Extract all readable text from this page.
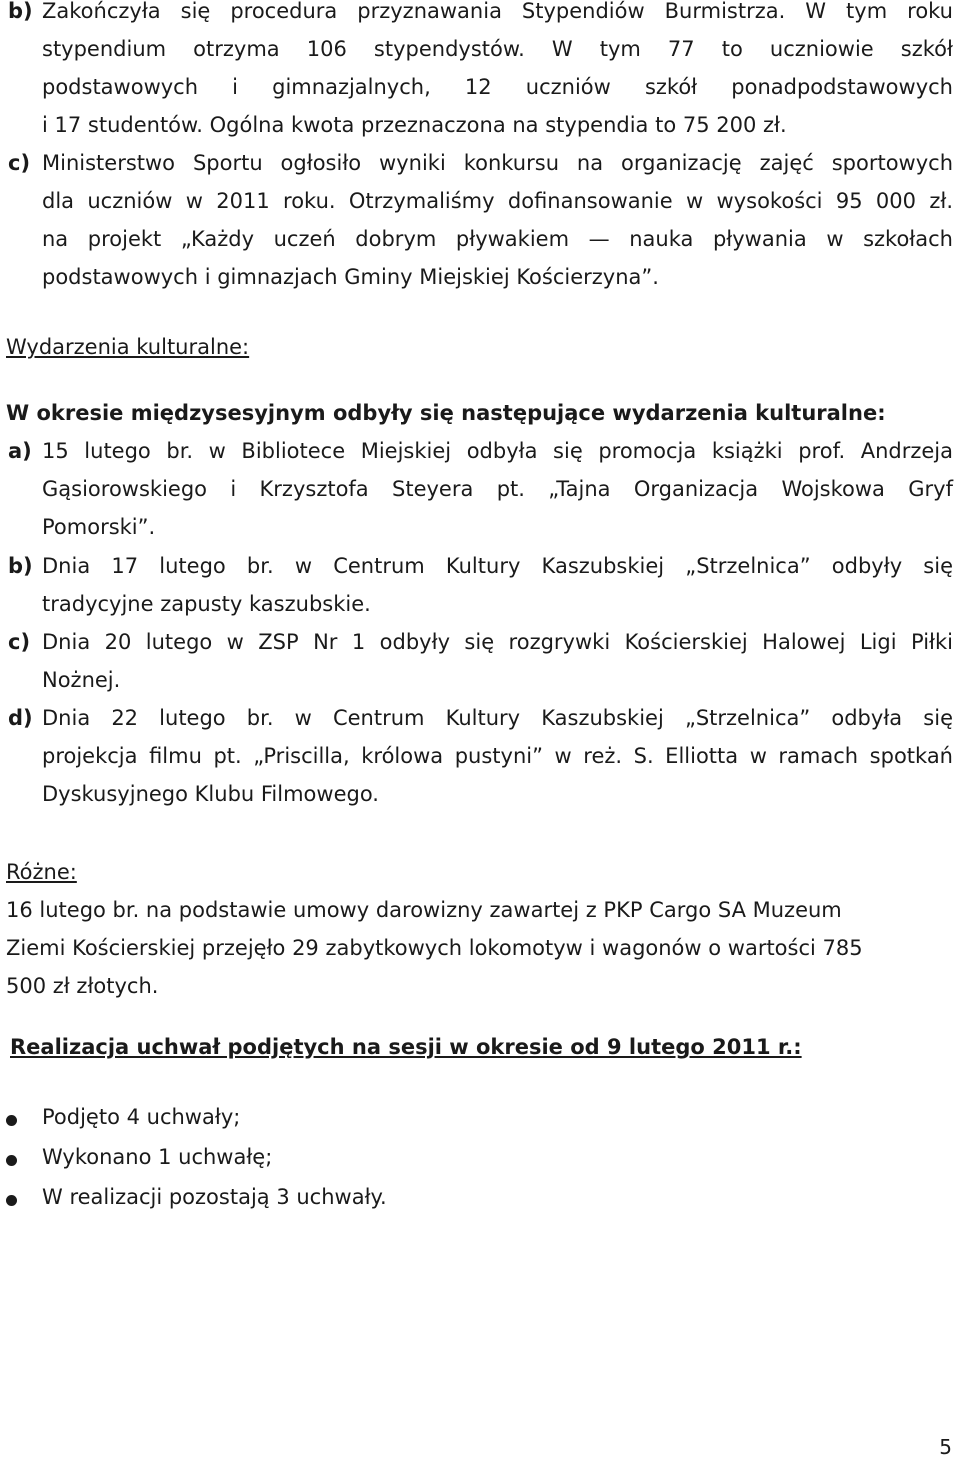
b) Zakończyła się procedura przyznawania Stypendiów Burmistrza. W tym roku
stypendium otrzyma 106 stypendystów. W tym 77 to uczniowie szkół
podstawowych i gimnazjalnych, 12 uczniów szkół ponadpodstawowych
i 17 studentów. Ogólna kwota przeznaczona na stypendia to 75 200 zł.
c) Ministerstwo Sportu ogłosiło wyniki konkursu na organizację zajęć sportowych
dla uczniów w 2011 roku. Otrzymaliśmy dofinansowanie w wysokości 95 000 zł.
na projekt „Każdy uczeń dobrym pływakiem — nauka pływania w szkołach
podstawowych i gimnazjach Gminy Miejskiej Kościerzyna”.
Wydarzenia kulturalne:
W okresie międzysesyjnym odbyły się następujące wydarzenia kulturalne:
a) 15 lutego br. w Bibliotece Miejskiej odbyła się promocja książki prof. Andrzeja
Gąsiorowskiego i Krzysztofa Steyera pt. „Tajna Organizacja Wojskowa Gryf
Pomorski”.
b) Dnia 17 lutego br. w Centrum Kultury Kaszubskiej „Strzelnica” odbyły się
tradycyjne zapusty kaszubskie.
c) Dnia 20 lutego w ZSP Nr 1 odbyły się rozgrywki Kościerskiej Halowej Ligi Piłki
Nożnej.
d) Dnia 22 lutego br. w Centrum Kultury Kaszubskiej „Strzelnica” odbyła się
projekcja filmu pt. „Priscilla, królowa pustyni” w reż. S. Elliotta w ramach spotkań
Dyskusyjnego Klubu Filmowego.
Różne:
16 lutego br. na podstawie umowy darowizny zawartej z PKP Cargo SA Muzeum
Ziemi Kościerskiej przejęło 29 zabytkowych lokomotyw i wagonów o wartości 785
500 zł złotych.
Realizacja uchwał podjętych na sesji w okresie od 9 lutego 2011 r.:
Podjęto 4 uchwały;
Wykonano 1 uchwałę;
W realizacji pozostają 3 uchwały.
5
